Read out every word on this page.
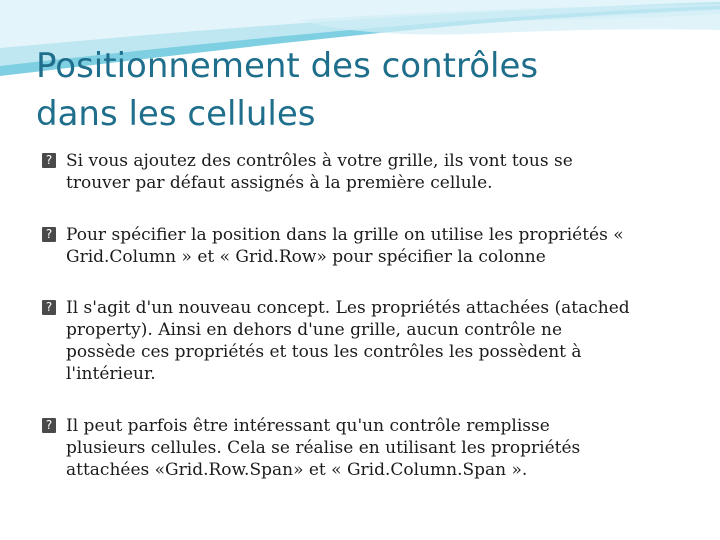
Positionnement des contrôles
dans les cellules
? Si vous ajoutez des contrôles à votre grille, ils vont tous se
trouver par défaut assignés à la première cellule.
? Pour spécifier la position dans la grille on utilise les propriétés «
Grid.Column » et « Grid.Row» pour spécifier la colonne
? Il s'agit d'un nouveau concept. Les propriétés attachées (atached
property). Ainsi en dehors d'une grille, aucun contrôle ne
possède ces propriétés et tous les contrôles les possèdent à
l'intérieur.
? Il peut parfois être intéressant qu'un contrôle remplisse
plusieurs cellules. Cela se réalise en utilisant les propriétés
attachées «Grid.Row.Span» et « Grid.Column.Span ».
